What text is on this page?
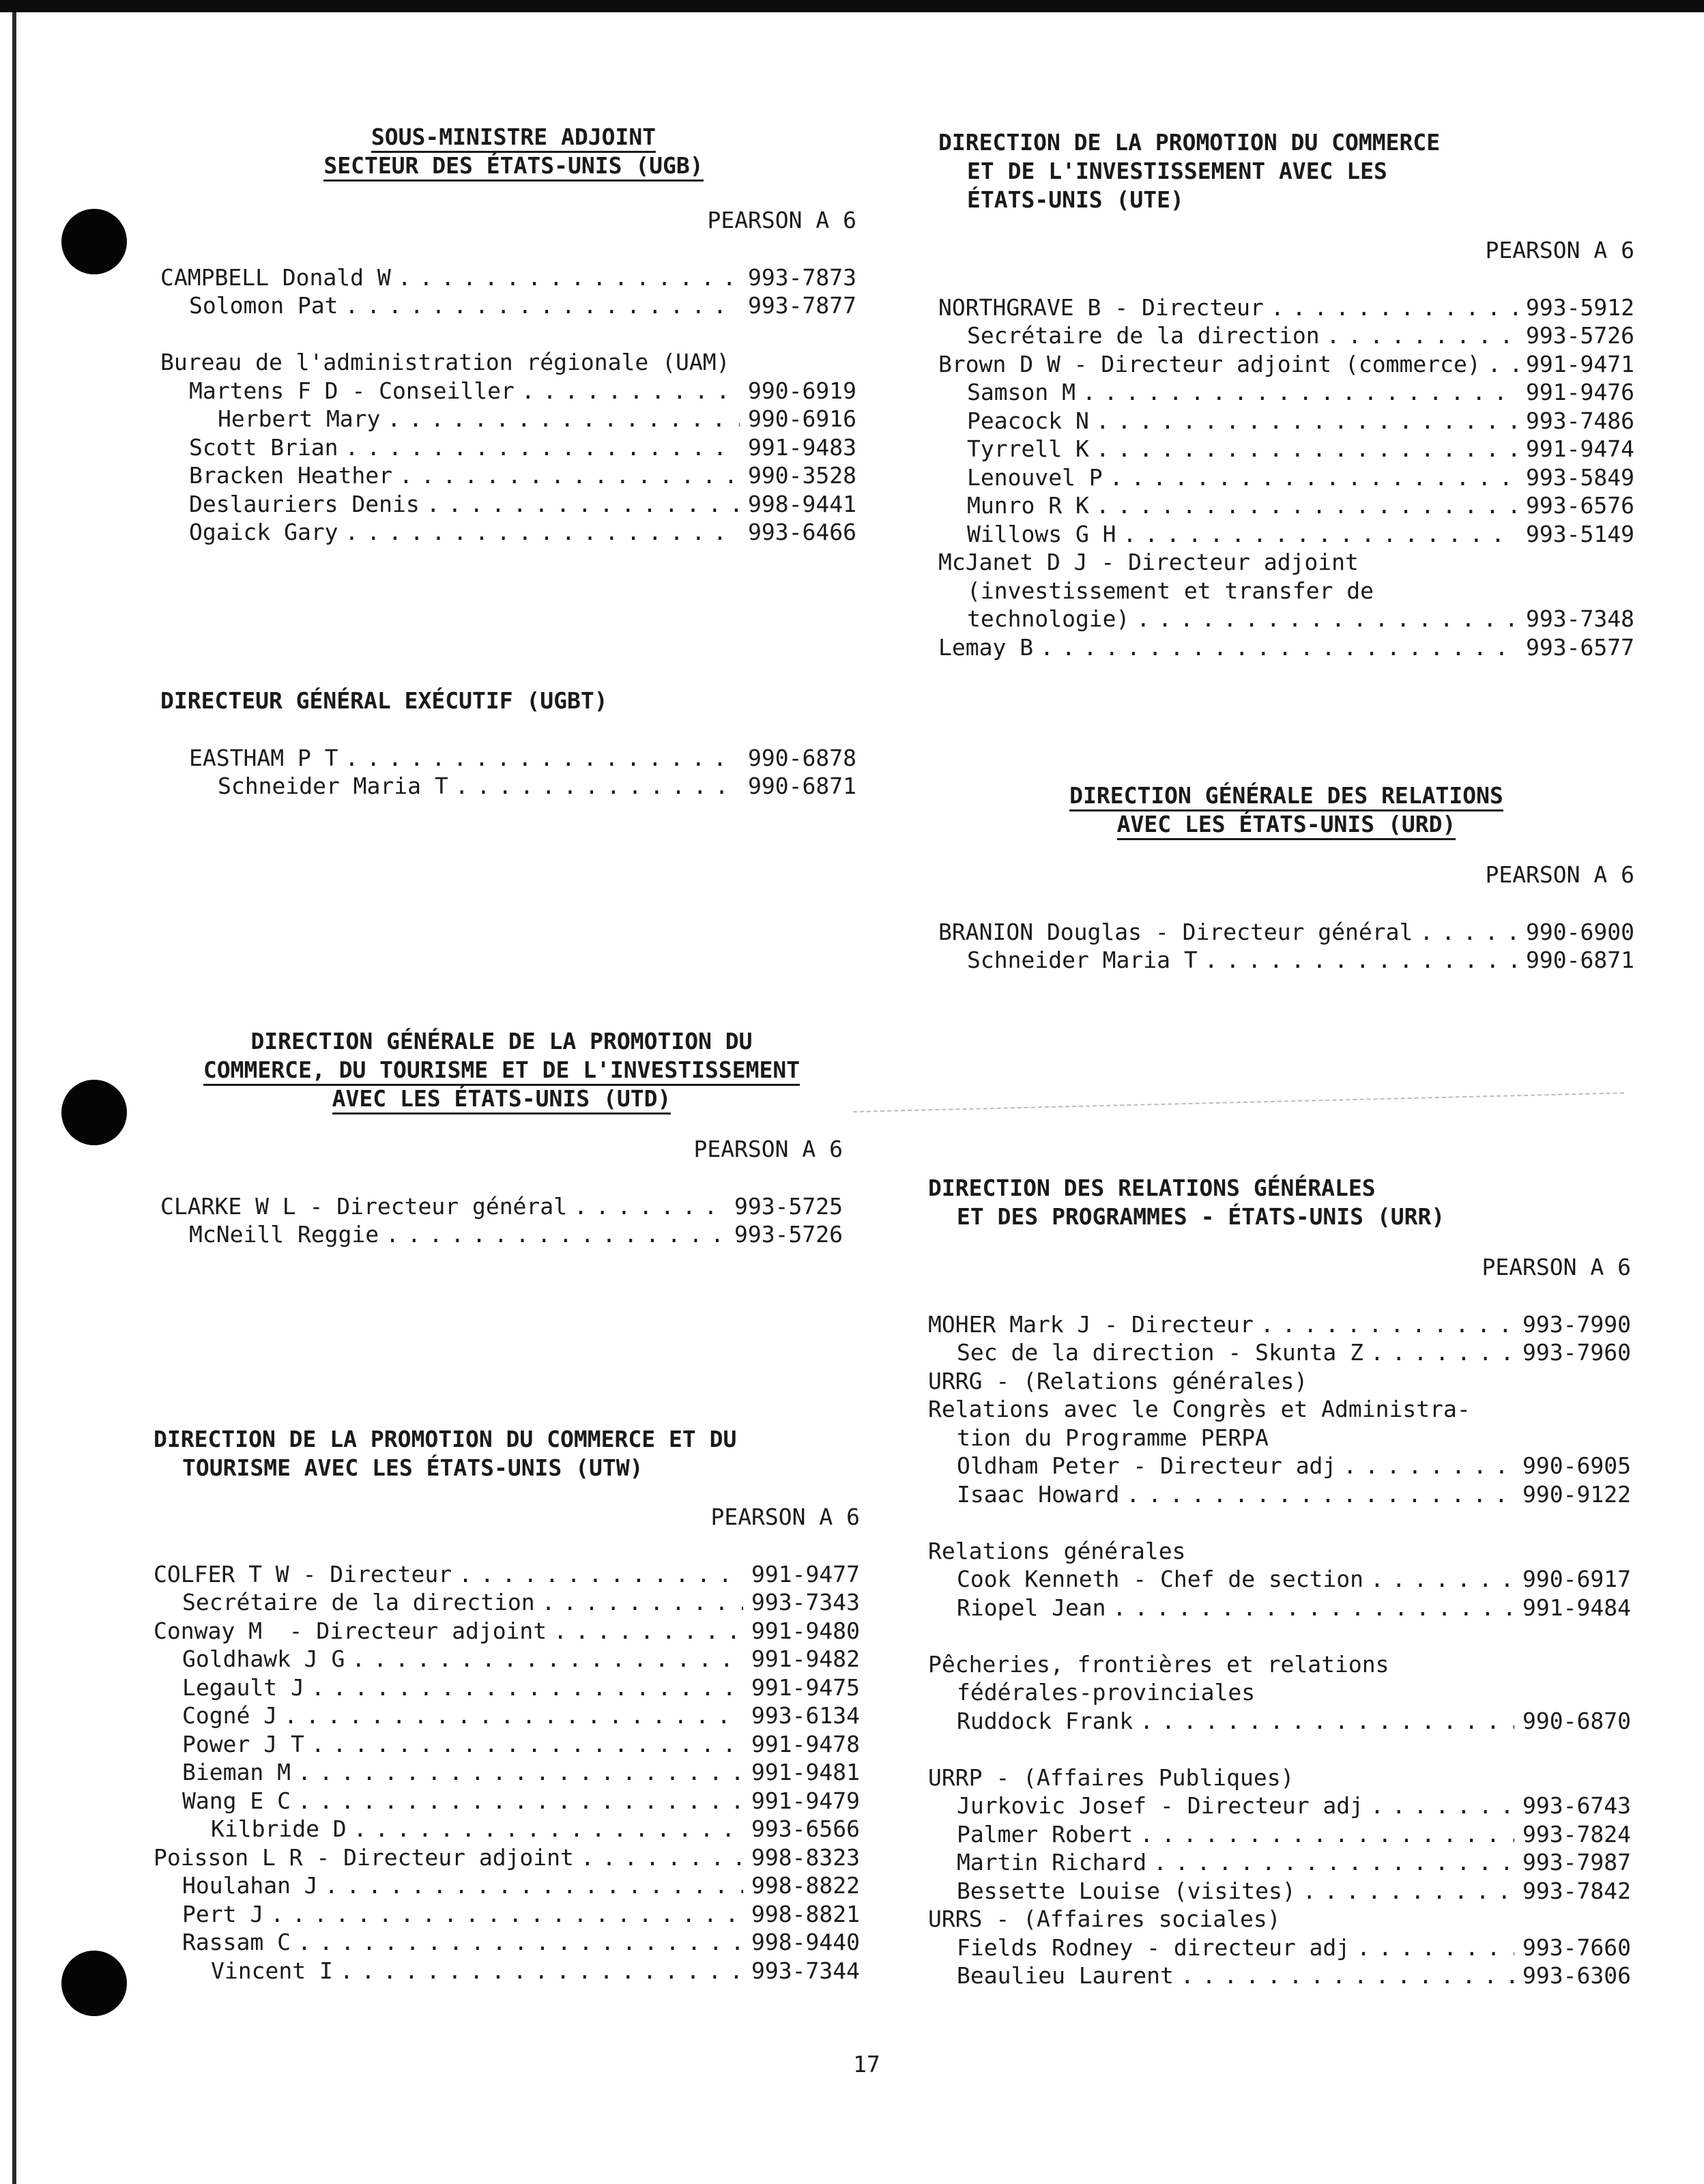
SOUS-MINISTRE ADJOINT
SECTEUR DES ÉTATS-UNIS (UGB)
PEARSON A 6
CAMPBELL Donald W . . .	993-7873
Solomon Pat . . .	993-7877
Bureau de l'administration régionale (UAM)
Martens F D - Conseiller . . .	990-6919
Herbert Mary . . .	990-6916
Scott Brian . . .	991-9483
Bracken Heather . . .	990-3528
Deslauriers Denis . . .	998-9441
Ogaick Gary . . .	993-6466
DIRECTEUR GÉNÉRAL EXÉCUTIF (UGBT)
EASTHAM P T . . .	990-6878
Schneider Maria T . . .	990-6871
DIRECTION GÉNÉRALE DE LA PROMOTION DU
COMMERCE, DU TOURISME ET DE L'INVESTISSEMENT
AVEC LES ÉTATS-UNIS (UTD)
PEARSON A 6
CLARKE W L - Directeur général . . .	993-5725
McNeill Reggie . . .	993-5726
DIRECTION DE LA PROMOTION DU COMMERCE ET DU
TOURISME AVEC LES ÉTATS-UNIS (UTW)
PEARSON A 6
COLFER T W - Directeur . . .	991-9477
Secrétaire de la direction . . .	993-7343
Conway M  - Directeur adjoint . . .	991-9480
Goldhawk J G . . .	991-9482
Legault J . . .	991-9475
Cogné J . . .	993-6134
Power J T . . .	991-9478
Bieman M . . .	991-9481
Wang E C . . .	991-9479
Kilbride D . . .	993-6566
Poisson L R - Directeur adjoint . . .	998-8323
Houlahan J . . .	998-8822
Pert J . . .	998-8821
Rassam C . . .	998-9440
Vincent I . . .	993-7344
DIRECTION DE LA PROMOTION DU COMMERCE
ET DE L'INVESTISSEMENT AVEC LES
ÉTATS-UNIS (UTE)
PEARSON A 6
NORTHGRAVE B - Directeur . . .	993-5912
Secrétaire de la direction . . .	993-5726
Brown D W - Directeur adjoint (commerce) . . . 991-9471
Samson M . . .	991-9476
Peacock N . . .	993-7486
Tyrrell K . . .	991-9474
Lenouvel P . . .	993-5849
Munro R K . . .	993-6576
Willows G H . . .	993-5149
McJanet D J - Directeur adjoint
(investissement et transfer de
technologie) . . .	993-7348
Lemay B . . .	993-6577
DIRECTION GÉNÉRALE DES RELATIONS
AVEC LES ÉTATS-UNIS (URD)
PEARSON A 6
BRANION Douglas - Directeur général . . .	990-6900
Schneider Maria T . . .	990-6871
DIRECTION DES RELATIONS GÉNÉRALES
ET DES PROGRAMMES - ÉTATS-UNIS (URR)
PEARSON A 6
MOHER Mark J - Directeur . . .	993-7990
Sec de la direction - Skunta Z . . .	993-7960
URRG - (Relations générales)
Relations avec le Congrès et Administra-
tion du Programme PERPA
Oldham Peter - Directeur adj . . .	990-6905
Isaac Howard . . .	990-9122
Relations générales
Cook Kenneth - Chef de section . . .	990-6917
Riopel Jean . . .	991-9484
Pêcheries, frontières et relations
fédérales-provinciales
Ruddock Frank . . .	990-6870
URRP - (Affaires Publiques)
Jurkovic Josef - Directeur adj . . .	993-6743
Palmer Robert . . .	993-7824
Martin Richard . . .	993-7987
Bessette Louise (visites) . . .	993-7842
URRS - (Affaires sociales)
Fields Rodney - directeur adj . . .	993-7660
Beaulieu Laurent . . .	993-6306
17
